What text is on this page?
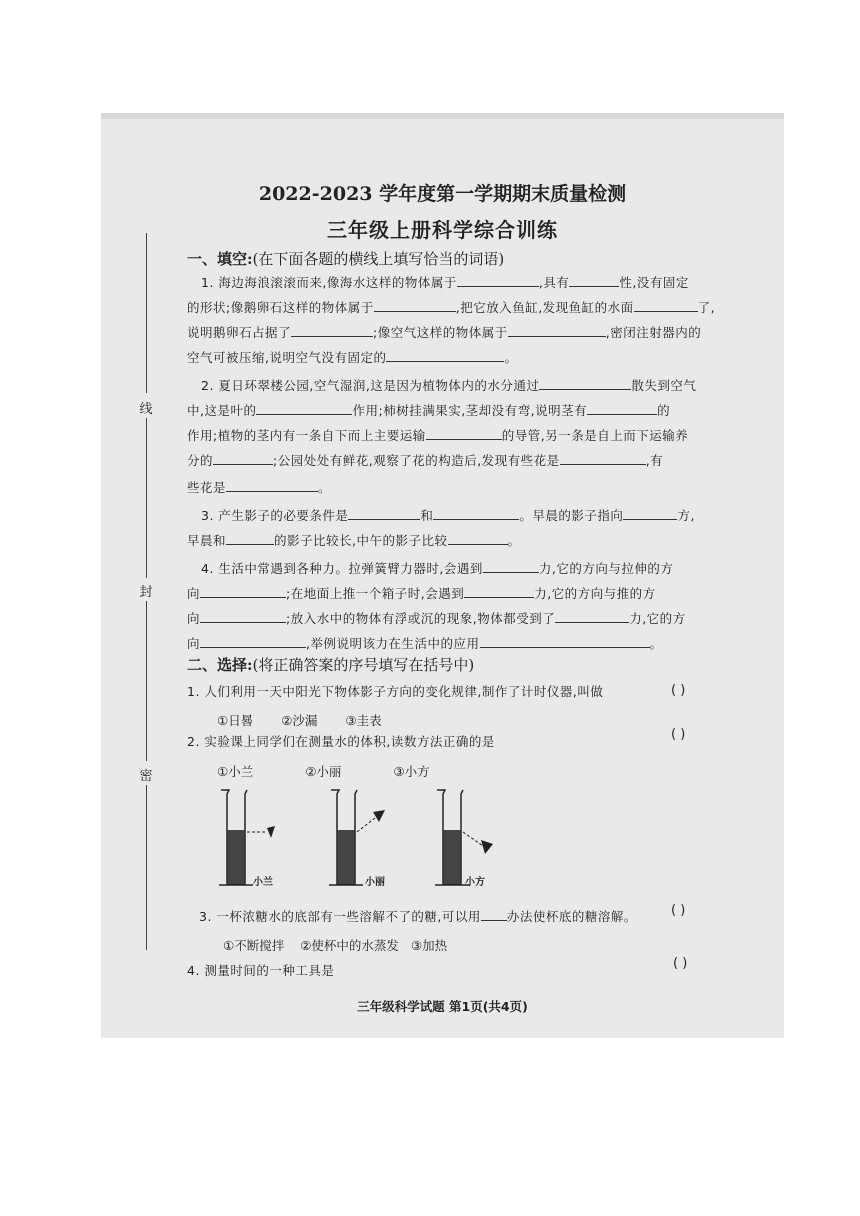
线
封
密
2022-2023 学年度第一学期期末质量检测
三年级上册科学综合训练
一、填空:(在下面各题的横线上填写恰当的词语)
1. 海边海浪滚滚而来,像海水这样的物体属于	,具有	性,没有固定
的形状;像鹅卵石这样的物体属于	,把它放入鱼缸,发现鱼缸的水面	了,
说明鹅卵石占据了	;像空气这样的物体属于	,密闭注射器内的
空气可被压缩,说明空气没有固定的	。
2. 夏日环翠楼公园,空气湿润,这是因为植物体内的水分通过	散失到空气
中,这是叶的	作用;柿树挂满果实,茎却没有弯,说明茎有	的
作用;植物的茎内有一条自下而上主要运输	的导管,另一条是自上而下运输养
分的	;公园处处有鲜花,观察了花的构造后,发现有些花是	,有
些花是	。
3. 产生影子的必要条件是	和	。早晨的影子指向	方,
早晨和	的影子比较长,中午的影子比较	。
4. 生活中常遇到各种力。拉弹簧臂力器时,会遇到	力,它的方向与拉伸的方
向	;在地面上推一个箱子时,会遇到	力,它的方向与推的方
向	;放入水中的物体有浮或沉的现象,物体都受到了	力,它的方
向	,举例说明该力在生活中的应用	。
二、选择:(将正确答案的序号填写在括号中)
1. 人们利用一天中阳光下物体影子方向的变化规律,制作了计时仪器,叫做	( )
①日晷 ②沙漏 ③圭表
2. 实验课上同学们在测量水的体积,读数方法正确的是	( )
①小兰	②小丽	③小方
小兰	小丽	小方
3. 一杯浓糖水的底部有一些溶解不了的糖,可以用 办法使杯底的糖溶解。	( )
①不断搅拌 ②使杯中的水蒸发 ③加热
4. 测量时间的一种工具是	( )
三年级科学试题 第1页(共4页)
